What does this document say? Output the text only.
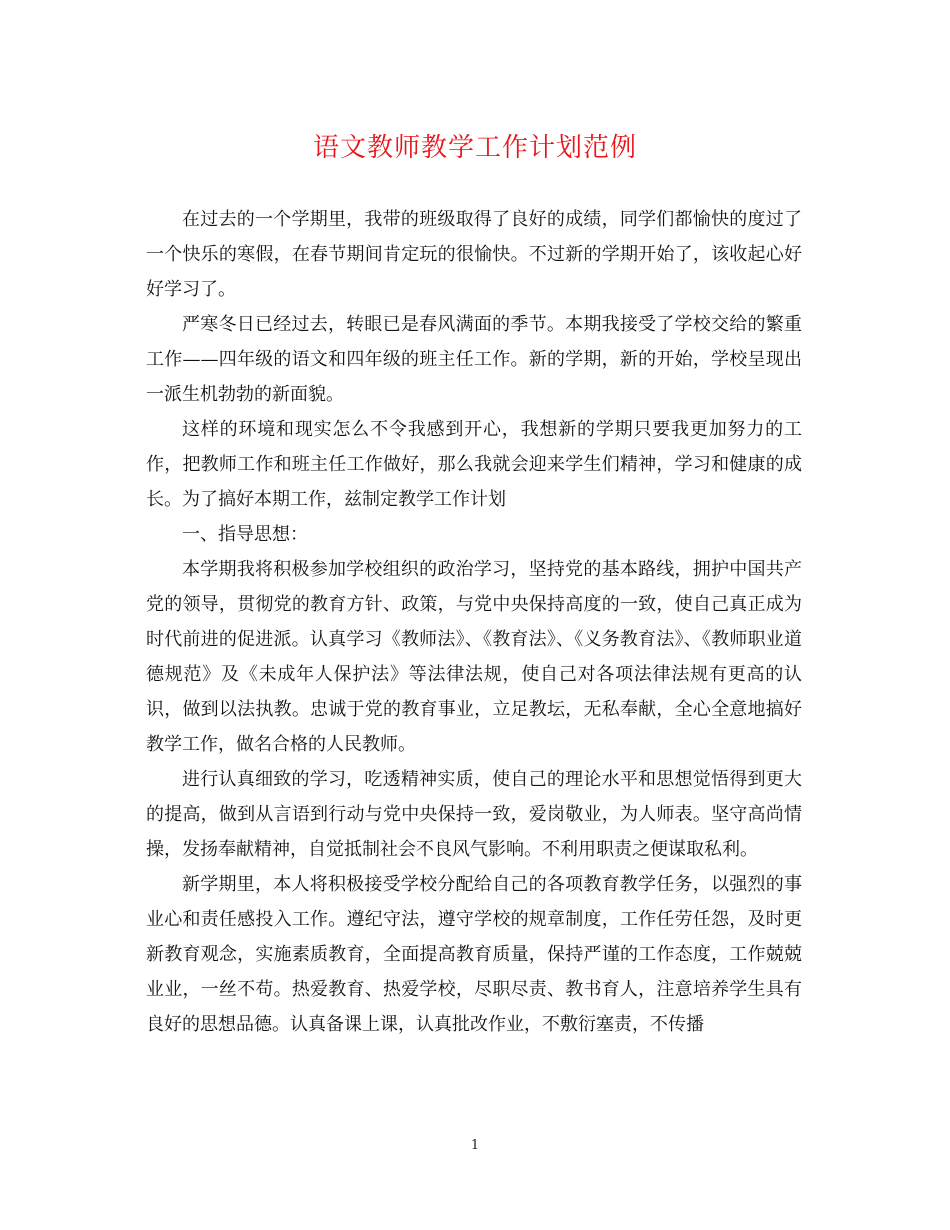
语文教师教学工作计划范例

在过去的一个学期里，我带的班级取得了良好的成绩，同学们都愉快的度过了一个快乐的寒假，在春节期间肯定玩的很愉快。不过新的学期开始了，该收起心好好学习了。

严寒冬日已经过去，转眼已是春风满面的季节。本期我接受了学校交给的繁重工作——四年级的语文和四年级的班主任工作。新的学期，新的开始，学校呈现出一派生机勃勃的新面貌。

这样的环境和现实怎么不令我感到开心，我想新的学期只要我更加努力的工作，把教师工作和班主任工作做好，那么我就会迎来学生们精神，学习和健康的成长。为了搞好本期工作，兹制定教学工作计划

一、指导思想：

本学期我将积极参加学校组织的政治学习，坚持党的基本路线，拥护中国共产党的领导，贯彻党的教育方针、政策，与党中央保持高度的一致，使自己真正成为时代前进的促进派。认真学习《教师法》、《教育法》、《义务教育法》、《教师职业道德规范》及《未成年人保护法》等法律法规，使自己对各项法律法规有更高的认识，做到以法执教。忠诚于党的教育事业，立足教坛，无私奉献，全心全意地搞好教学工作，做名合格的人民教师。

进行认真细致的学习，吃透精神实质，使自己的理论水平和思想觉悟得到更大的提高，做到从言语到行动与党中央保持一致，爱岗敬业，为人师表。坚守高尚情操，发扬奉献精神，自觉抵制社会不良风气影响。不利用职责之便谋取私利。

新学期里，本人将积极接受学校分配给自己的各项教育教学任务，以强烈的事业心和责任感投入工作。遵纪守法，遵守学校的规章制度，工作任劳任怨，及时更新教育观念，实施素质教育，全面提高教育质量，保持严谨的工作态度，工作兢兢业业，一丝不苟。热爱教育、热爱学校，尽职尽责、教书育人，注意培养学生具有良好的思想品德。认真备课上课，认真批改作业，不敷衍塞责，不传播

1
